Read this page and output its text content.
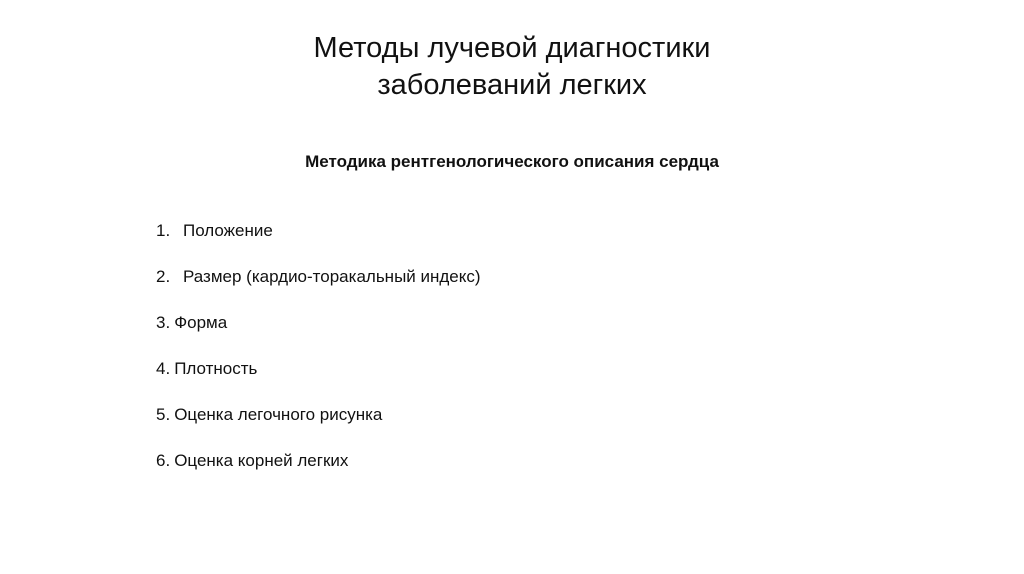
Методы лучевой диагностики
заболеваний легких
Методика рентгенологического описания сердца
1. Положение
2. Размер (кардио-торакальный индекс)
3. Форма
4. Плотность
5. Оценка легочного рисунка
6. Оценка корней легких
